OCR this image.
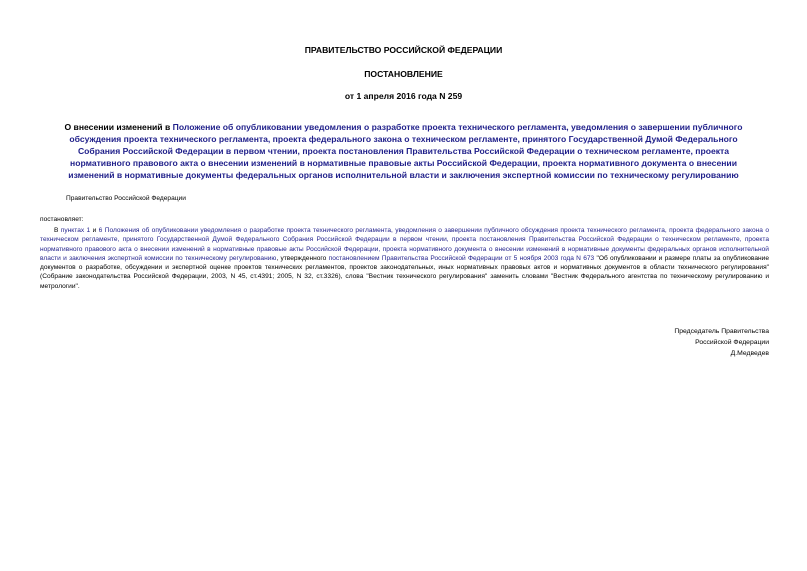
ПРАВИТЕЛЬСТВО РОССИЙСКОЙ ФЕДЕРАЦИИ
ПОСТАНОВЛЕНИЕ
от 1 апреля 2016 года N 259
О внесении изменений в Положение об опубликовании уведомления о разработке проекта технического регламента, уведомления о завершении публичного обсуждения проекта технического регламента, проекта федерального закона о техническом регламенте, принятого Государственной Думой Федерального Собрания Российской Федерации в первом чтении, проекта постановления Правительства Российской Федерации о техническом регламенте, проекта нормативного правового акта о внесении изменений в нормативные правовые акты Российской Федерации, проекта нормативного документа о внесении изменений в нормативные документы федеральных органов исполнительной власти и заключения экспертной комиссии по техническому регулированию
Правительство Российской Федерации
постановляет:
В пунктах 1 и 6 Положения об опубликовании уведомления о разработке проекта технического регламента, уведомления о завершении публичного обсуждения проекта технического регламента, проекта федерального закона о техническом регламенте, принятого Государственной Думой Федерального Собрания Российской Федерации в первом чтении, проекта постановления Правительства Российской Федерации о техническом регламенте, проекта нормативного правового акта о внесении изменений в нормативные правовые акты Российской Федерации, проекта нормативного документа о внесении изменений в нормативные документы федеральных органов исполнительной власти и заключения экспертной комиссии по техническому регулированию, утвержденного постановлением Правительства Российской Федерации от 5 ноября 2003 года N 673 "Об опубликовании и размере платы за опубликование документов о разработке, обсуждении и экспертной оценке проектов технических регламентов, проектов законодательных, иных нормативных правовых актов и нормативных документов в области технического регулирования" (Собрание законодательства Российской Федерации, 2003, N 45, ст.4391; 2005, N 32, ст.3326), слова "Вестник технического регулирования" заменить словами "Вестник Федерального агентства по техническому регулированию и метрологии".
Председатель Правительства
Российской Федерации
Д.Медведев
